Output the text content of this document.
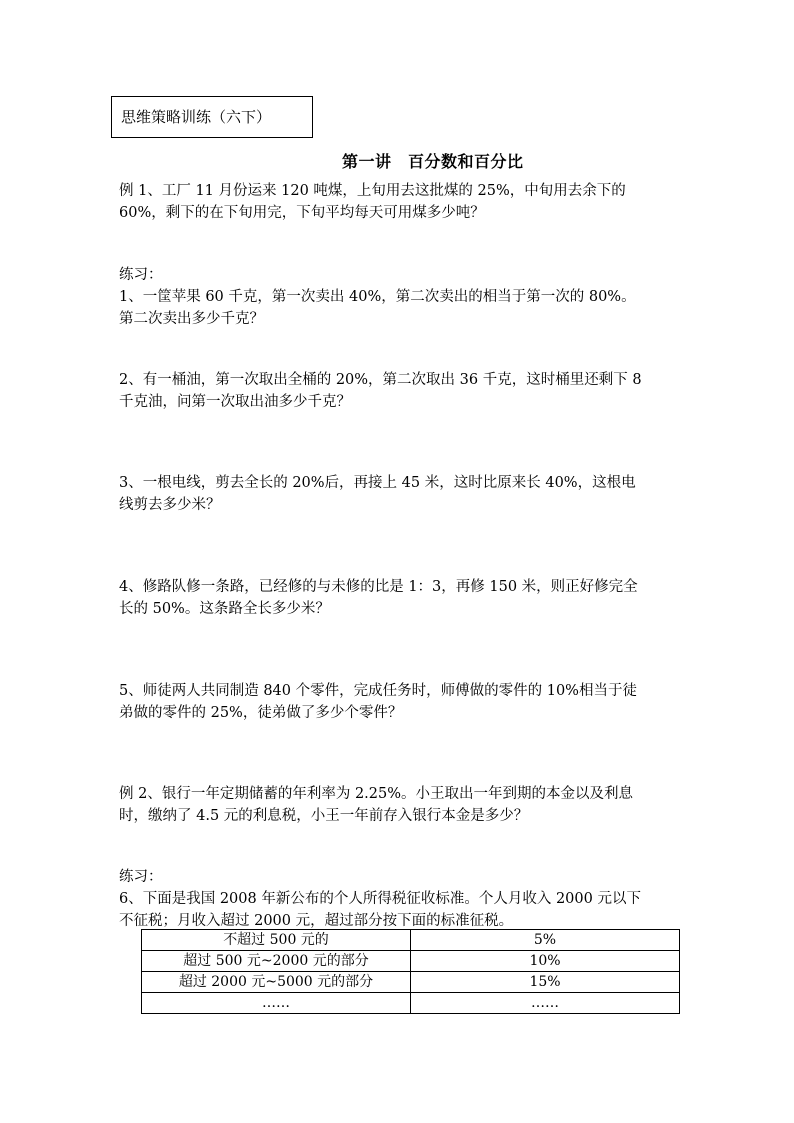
思维策略训练（六下）
第一讲　百分数和百分比
例 1、工厂 11 月份运来 120 吨煤，上旬用去这批煤的 25%，中旬用去余下的
60%，剩下的在下旬用完，下旬平均每天可用煤多少吨？
练习：
1、一筐苹果 60 千克，第一次卖出 40%，第二次卖出的相当于第一次的 80%。
第二次卖出多少千克？
2、有一桶油，第一次取出全桶的 20%，第二次取出 36 千克，这时桶里还剩下 8
千克油，问第一次取出油多少千克？
3、一根电线，剪去全长的 20%后，再接上 45 米，这时比原来长 40%，这根电
线剪去多少米？
4、修路队修一条路，已经修的与未修的比是 1：3，再修 150 米，则正好修完全
长的 50%。这条路全长多少米？
5、师徒两人共同制造 840 个零件，完成任务时，师傅做的零件的 10%相当于徒
弟做的零件的 25%，徒弟做了多少个零件？
例 2、银行一年定期储蓄的年利率为 2.25%。小王取出一年到期的本金以及利息
时，缴纳了 4.5 元的利息税，小王一年前存入银行本金是多少？
练习：
6、下面是我国 2008 年新公布的个人所得税征收标准。个人月收入 2000 元以下
不征税；月收入超过 2000 元，超过部分按下面的标准征税。
不超过 500 元的	5%
超过 500 元~2000 元的部分	10%
超过 2000 元~5000 元的部分	15%
……	……
